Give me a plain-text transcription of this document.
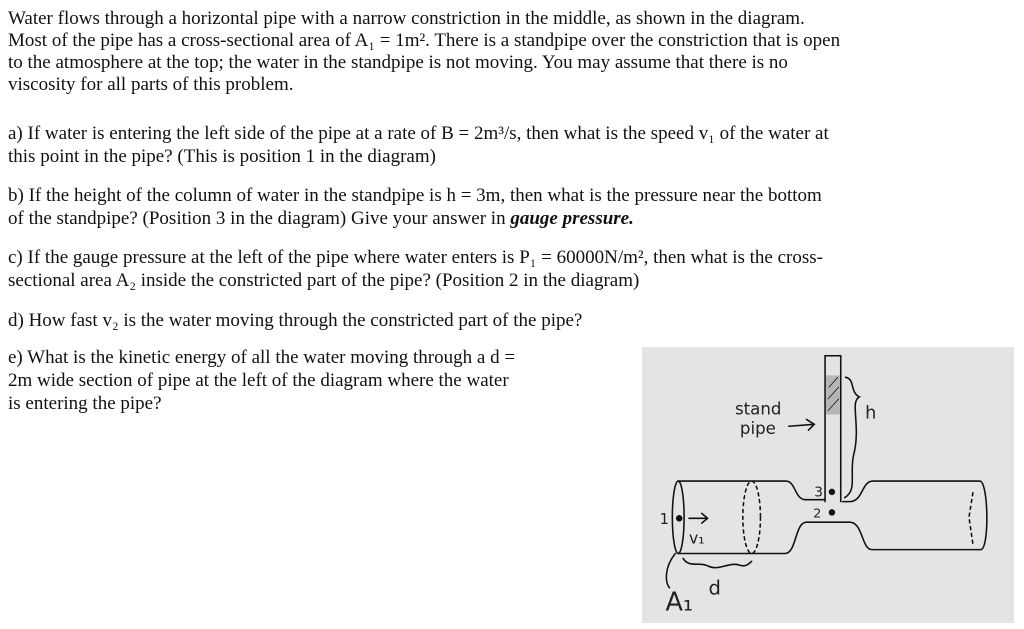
Water flows through a horizontal pipe with a narrow constriction in the middle, as shown in the diagram.
Most of the pipe has a cross-sectional area of A₁ = 1m². There is a standpipe over the constriction that is open
to the atmosphere at the top; the water in the standpipe is not moving. You may assume that there is no
viscosity for all parts of this problem.
a) If water is entering the left side of the pipe at a rate of B = 2m³/s, then what is the speed v₁ of the water at
this point in the pipe? (This is position 1 in the diagram)
b) If the height of the column of water in the standpipe is h = 3m, then what is the pressure near the bottom
of the standpipe? (Position 3 in the diagram) Give your answer in gauge pressure.
c) If the gauge pressure at the left of the pipe where water enters is P₁ = 60000N/m², then what is the cross-
sectional area A₂ inside the constricted part of the pipe? (Position 2 in the diagram)
d) How fast v₂ is the water moving through the constricted part of the pipe?
e) What is the kinetic energy of all the water moving through a d =
2m wide section of pipe at the left of the diagram where the water
is entering the pipe?	stand
pipe
h
3
2
1
v₁
A₁ d
